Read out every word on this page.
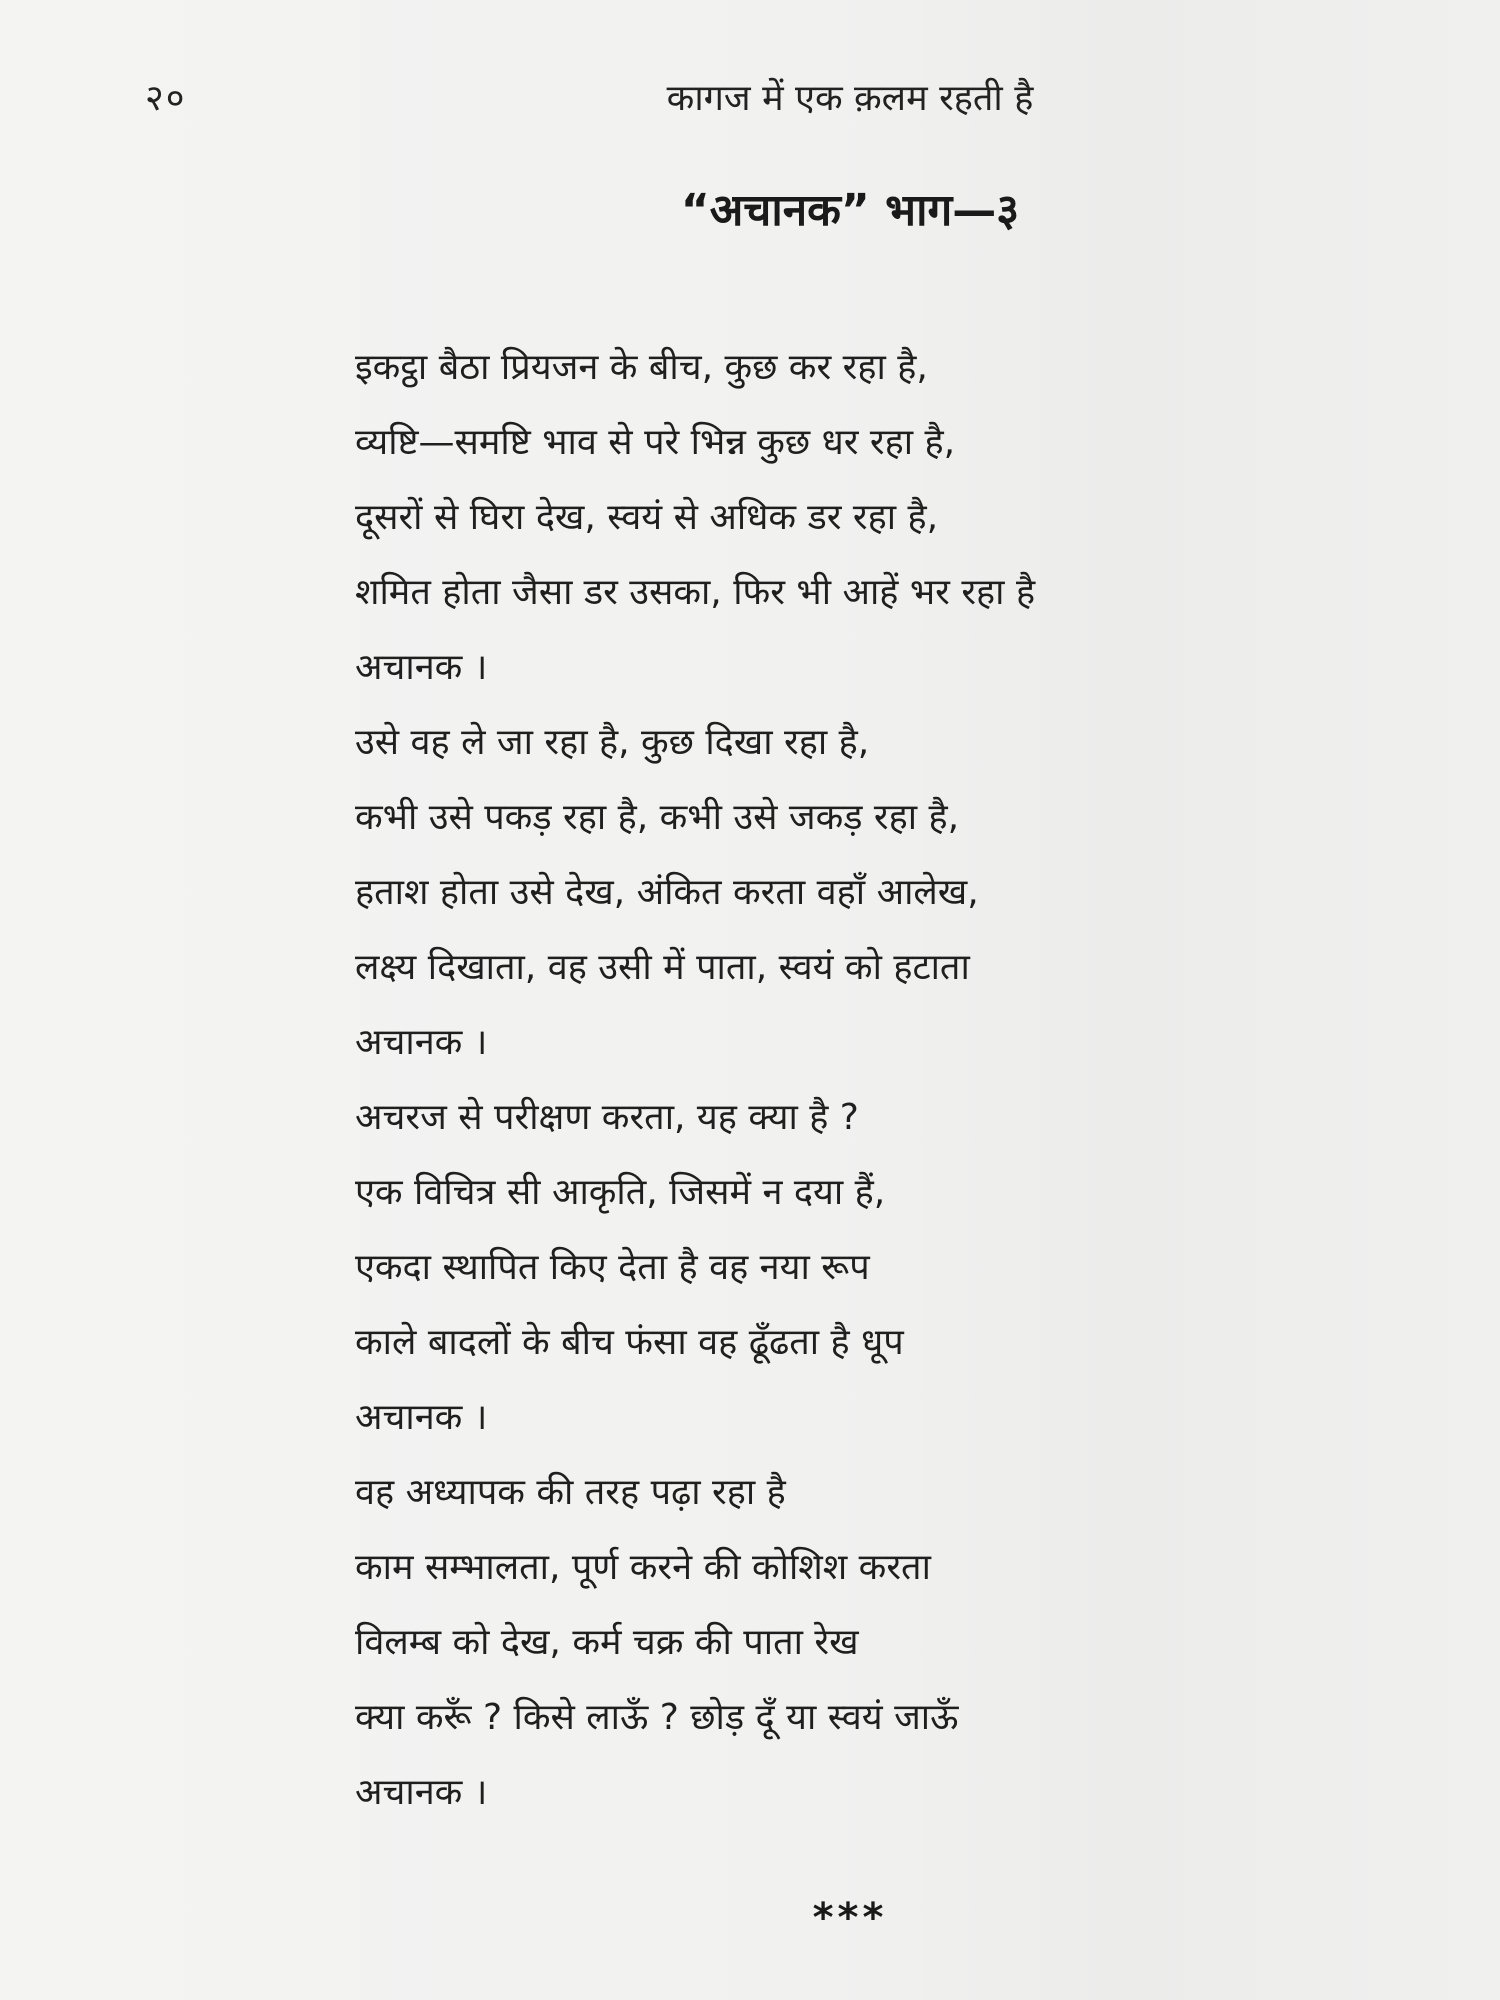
२०	कागज में एक क़लम रहती है
“अचानक” भाग—३
इकट्ठा बैठा प्रियजन के बीच, कुछ कर रहा है,
व्यष्टि—समष्टि भाव से परे भिन्न कुछ धर रहा है,
दूसरों से घिरा देख, स्वयं से अधिक डर रहा है,
शमित होता जैसा डर उसका, फिर भी आहें भर रहा है
अचानक ।
उसे वह ले जा रहा है, कुछ दिखा रहा है,
कभी उसे पकड़ रहा है, कभी उसे जकड़ रहा है,
हताश होता उसे देख, अंकित करता वहाँ आलेख,
लक्ष्य दिखाता, वह उसी में पाता, स्वयं को हटाता
अचानक ।
अचरज से परीक्षण करता, यह क्या है ?
एक विचित्र सी आकृति, जिसमें न दया हैं,
एकदा स्थापित किए देता है वह नया रूप
काले बादलों के बीच फंसा वह ढूँढता है धूप
अचानक ।
वह अध्यापक की तरह पढ़ा रहा है
काम सम्भालता, पूर्ण करने की कोशिश करता
विलम्ब को देख, कर्म चक्र की पाता रेख
क्या करूँ ? किसे लाऊँ ? छोड़ दूँ या स्वयं जाऊँ
अचानक ।
***
